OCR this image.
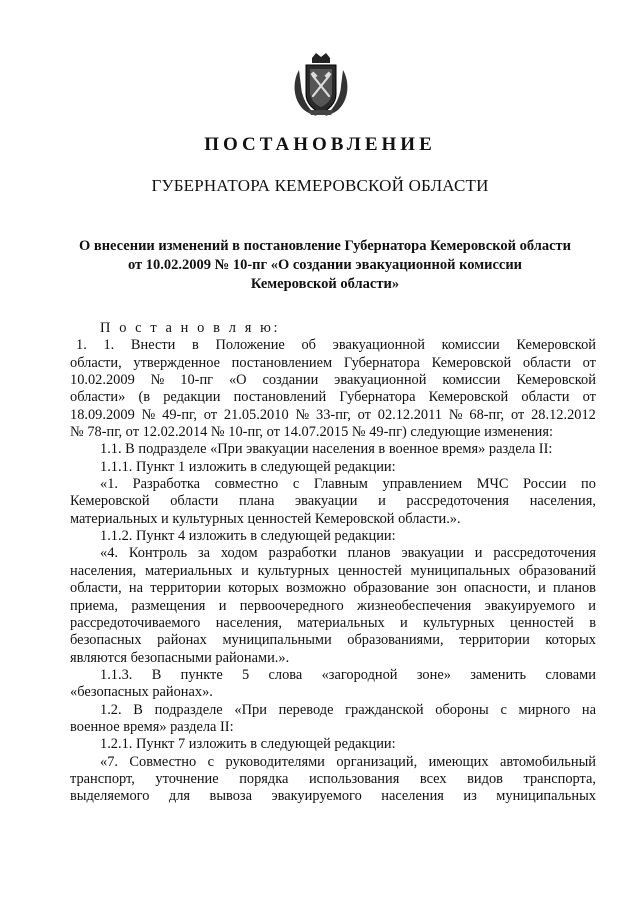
ПОСТАНОВЛЕНИЕ
ГУБЕРНАТОРА КЕМЕРОВСКОЙ ОБЛАСТИ
О внесении изменений в постановление Губернатора Кемеровской области
от 10.02.2009 № 10-пг «О создании эвакуационной комиссии
Кемеровской области»
П о с т а н о в л я ю:
1. 1. Внести в Положение об эвакуационной комиссии Кемеровской
области, утвержденное постановлением Губернатора Кемеровской области от
10.02.2009 № 10-пг «О создании эвакуационной комиссии Кемеровской
области» (в редакции постановлений Губернатора Кемеровской области от
18.09.2009 № 49-пг, от 21.05.2010 № 33-пг, от 02.12.2011 № 68-пг, от 28.12.2012
№ 78-пг, от 12.02.2014 № 10-пг, от 14.07.2015 № 49-пг) следующие изменения:
1.1. В подразделе «При эвакуации населения в военное время» раздела II:
1.1.1. Пункт 1 изложить в следующей редакции:
«1. Разработка совместно с Главным управлением МЧС России по
Кемеровской области плана эвакуации и рассредоточения населения,
материальных и культурных ценностей Кемеровской области.».
1.1.2. Пункт 4 изложить в следующей редакции:
«4. Контроль за ходом разработки планов эвакуации и рассредоточения
населения, материальных и культурных ценностей муниципальных образований
области, на территории которых возможно образование зон опасности, и планов
приема, размещения и первоочередного жизнеобеспечения эвакуируемого и
рассредоточиваемого населения, материальных и культурных ценностей в
безопасных районах муниципальными образованиями, территории которых
являются безопасными районами.».
1.1.3. В пункте 5 слова «загородной зоне» заменить словами
«безопасных районах».
1.2. В подразделе «При переводе гражданской обороны с мирного на
военное время» раздела II:
1.2.1. Пункт 7 изложить в следующей редакции:
«7. Совместно с руководителями организаций, имеющих автомобильный
транспорт, уточнение порядка использования всех видов транспорта,
выделяемого для вывоза эвакуируемого населения из муниципальных
